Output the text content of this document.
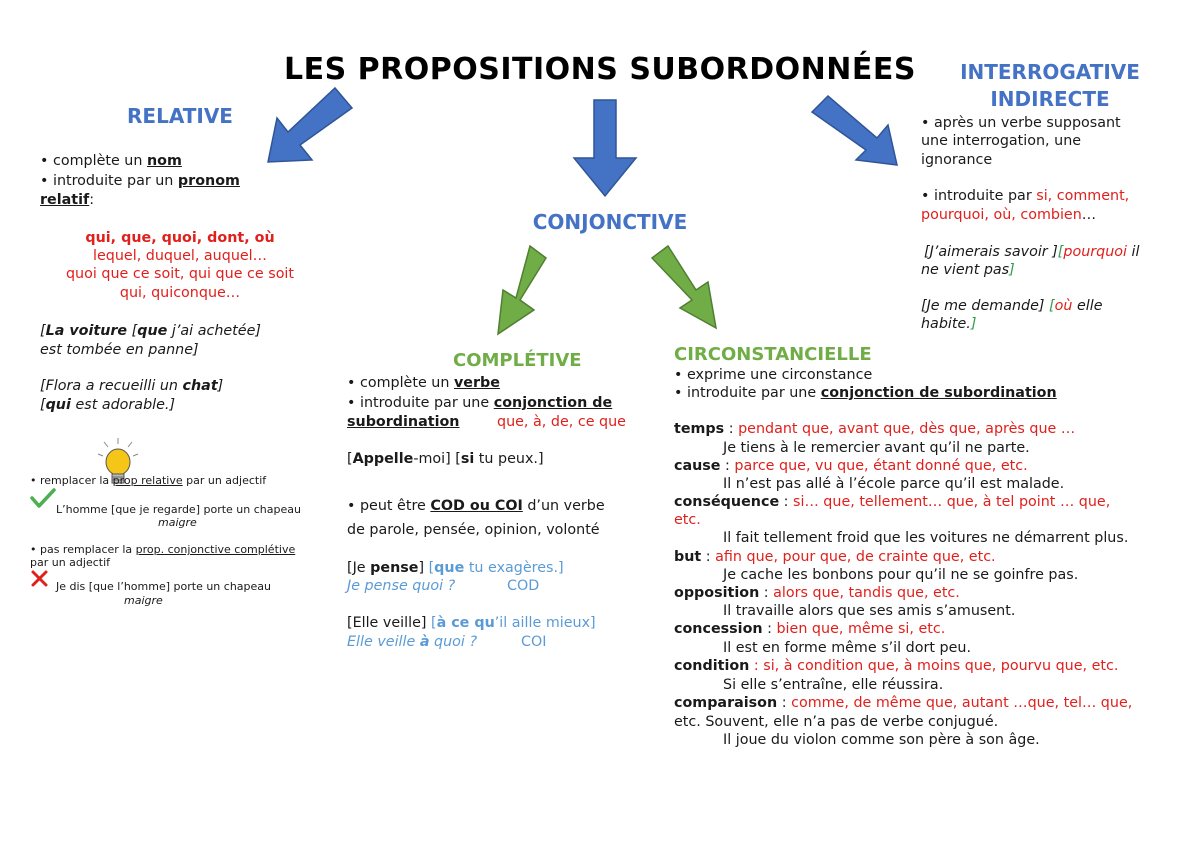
LES PROPOSITIONS SUBORDONNÉES
RELATIVE
• complète un nom
• introduite par un pronom
relatif:
qui, que, quoi, dont, où
lequel, duquel, auquel…
quoi que ce soit, qui que ce soit
qui, quiconque…
[La voiture [que j’ai achetée]
est tombée en panne]
[Flora a recueilli un chat]
[qui est adorable.]
• remplacer la prop relative par un adjectif
L’homme [que je regarde] porte un chapeau
maigre
• pas remplacer la prop. conjonctive complétive
par un adjectif
Je dis [que l’homme] porte un chapeau
maigre
CONJONCTIVE
COMPLÉTIVE
• complète un verbe
• introduite par une conjonction de
subordination	que, à, de, ce que
[Appelle-moi] [si tu peux.]
• peut être COD ou COI d’un verbe
de parole, pensée, opinion, volonté
[Je pense] [que tu exagères.]
Je pense quoi ?	COD
[Elle veille] [à ce qu’il aille mieux]
Elle veille à quoi ?	COI
CIRCONSTANCIELLE
• exprime une circonstance
• introduite par une conjonction de subordination
temps : pendant que, avant que, dès que, après que …
Je tiens à le remercier avant qu’il ne parte.
cause : parce que, vu que, étant donné que, etc.
Il n’est pas allé à l’école parce qu’il est malade.
conséquence : si… que, tellement… que, à tel point … que,
etc.
Il fait tellement froid que les voitures ne démarrent plus.
but : afin que, pour que, de crainte que, etc.
Je cache les bonbons pour qu’il ne se goinfre pas.
opposition : alors que, tandis que, etc.
Il travaille alors que ses amis s’amusent.
concession : bien que, même si, etc.
Il est en forme même s’il dort peu.
condition : si, à condition que, à moins que, pourvu que, etc.
Si elle s’entraîne, elle réussira.
comparaison : comme, de même que, autant …que, tel… que,
etc. Souvent, elle n’a pas de verbe conjugué.
Il joue du violon comme son père à son âge.
INTERROGATIVE
INDIRECTE
• après un verbe supposant
une interrogation, une
ignorance
• introduite par si, comment,
pourquoi, où, combien…
[J’aimerais savoir ][pourquoi il
ne vient pas]
[Je me demande] [où elle
habite.]
